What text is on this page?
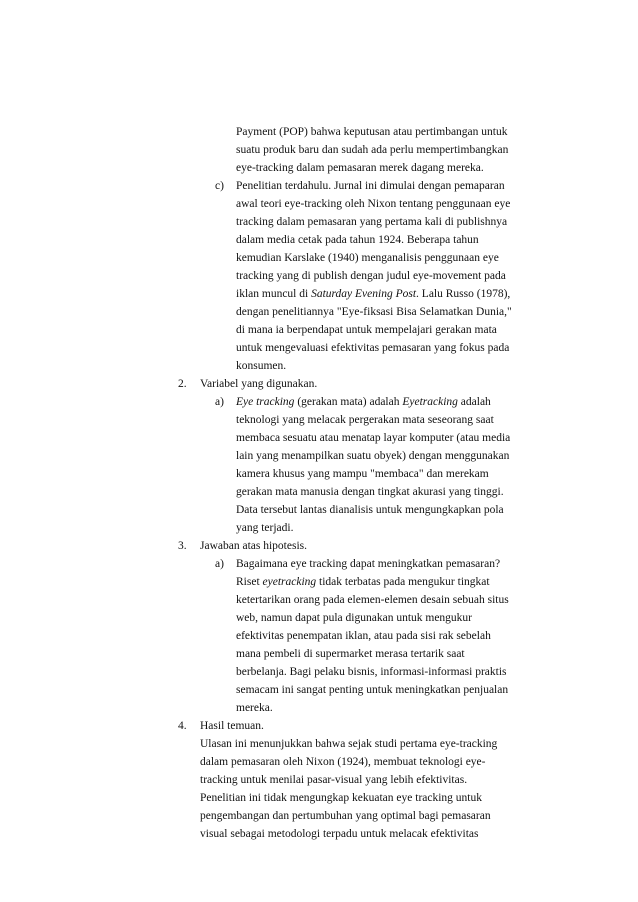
Payment (POP) bahwa keputusan atau pertimbangan untuk
suatu produk baru dan sudah ada perlu mempertimbangkan
eye-tracking dalam pemasaran merek dagang mereka.
c) Penelitian terdahulu. Jurnal ini dimulai dengan pemaparan
awal teori eye-tracking oleh Nixon tentang penggunaan eye
tracking dalam pemasaran yang pertama kali di publishnya
dalam media cetak pada tahun 1924. Beberapa tahun
kemudian Karslake (1940) menganalisis penggunaan eye
tracking yang di publish dengan judul eye-movement pada
iklan muncul di Saturday Evening Post. Lalu Russo (1978),
dengan penelitiannya "Eye-fiksasi Bisa Selamatkan Dunia,"
di mana ia berpendapat untuk mempelajari gerakan mata
untuk mengevaluasi efektivitas pemasaran yang fokus pada
konsumen.
2. Variabel yang digunakan.
a) Eye tracking (gerakan mata) adalah Eyetracking adalah
teknologi yang melacak pergerakan mata seseorang saat
membaca sesuatu atau menatap layar komputer (atau media
lain yang menampilkan suatu obyek) dengan menggunakan
kamera khusus yang mampu "membaca" dan merekam
gerakan mata manusia dengan tingkat akurasi yang tinggi.
Data tersebut lantas dianalisis untuk mengungkapkan pola
yang terjadi.
3. Jawaban atas hipotesis.
a) Bagaimana eye tracking dapat meningkatkan pemasaran?
Riset eyetracking tidak terbatas pada mengukur tingkat
ketertarikan orang pada elemen-elemen desain sebuah situs
web, namun dapat pula digunakan untuk mengukur
efektivitas penempatan iklan, atau pada sisi rak sebelah
mana pembeli di supermarket merasa tertarik saat
berbelanja. Bagi pelaku bisnis, informasi-informasi praktis
semacam ini sangat penting untuk meningkatkan penjualan
mereka.
4. Hasil temuan.
Ulasan ini menunjukkan bahwa sejak studi pertama eye-tracking
dalam pemasaran oleh Nixon (1924), membuat teknologi eye-
tracking untuk menilai pasar-visual yang lebih efektivitas.
Penelitian ini tidak mengungkap kekuatan eye tracking untuk
pengembangan dan pertumbuhan yang optimal bagi pemasaran
visual sebagai metodologi terpadu untuk melacak efektivitas
